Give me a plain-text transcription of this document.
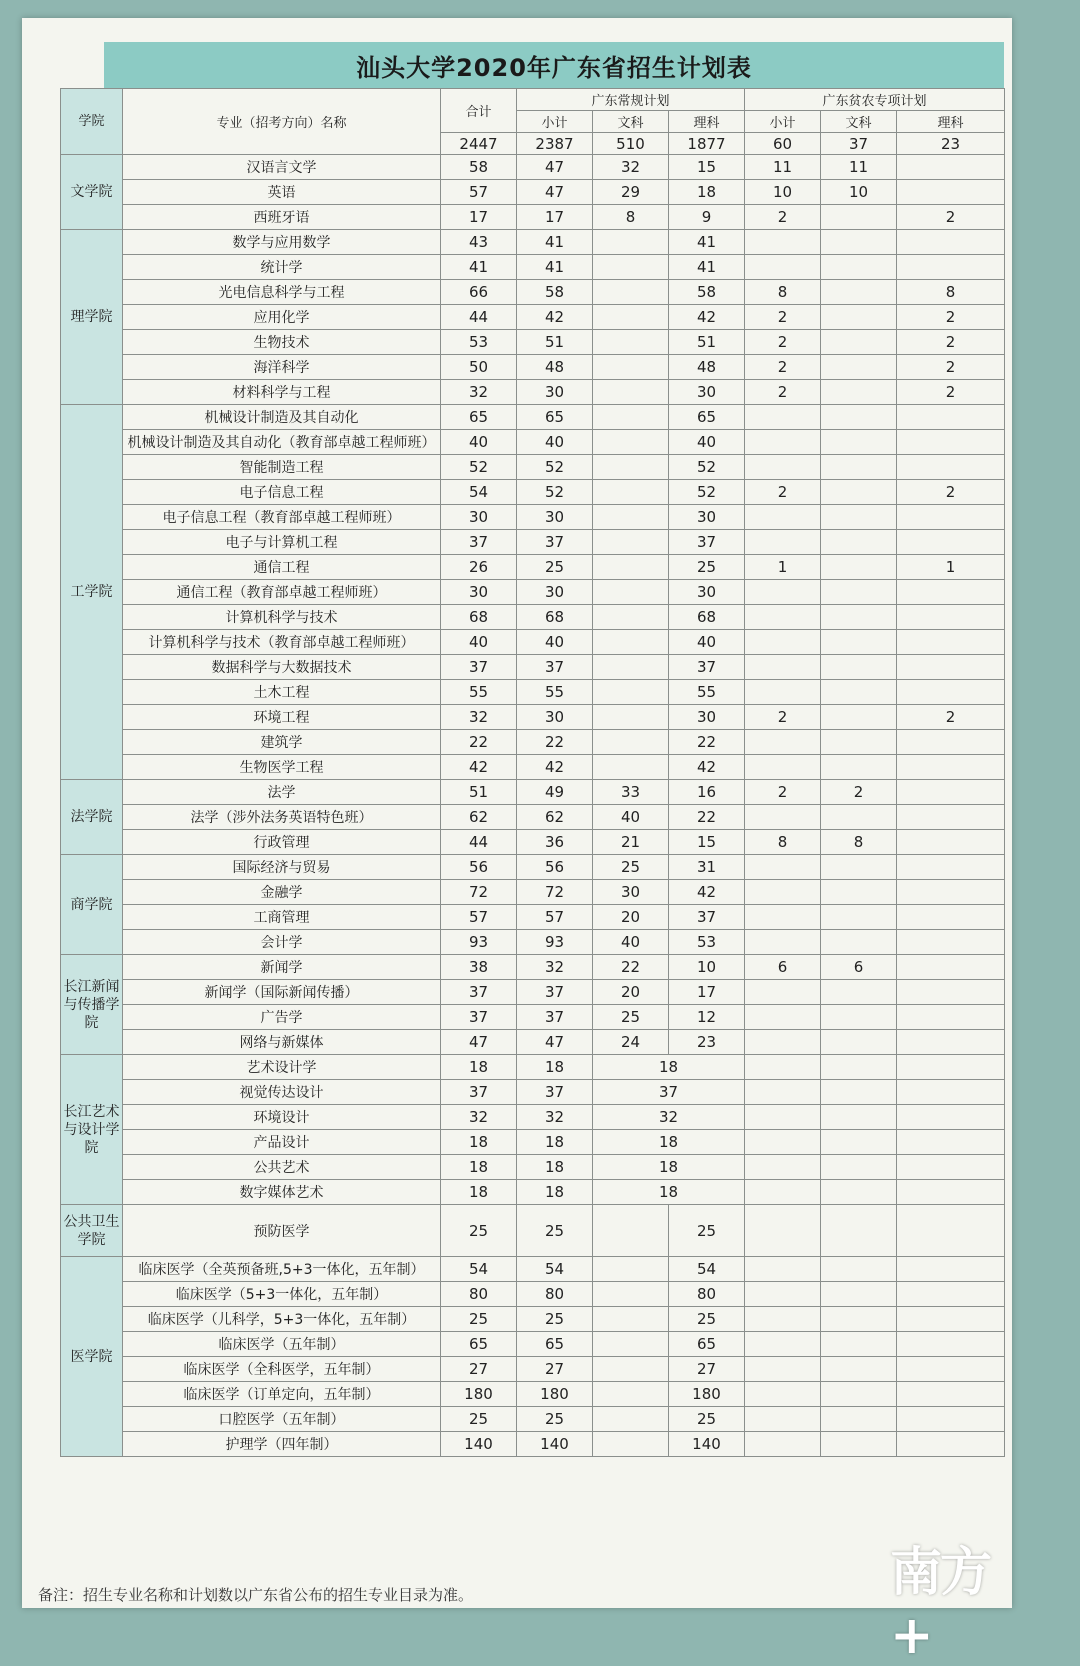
汕头大学2020年广东省招生计划表
学院	专业（招考方向）名称	合计	广东常规计划			广东贫农专项计划		
			小计	文科	理科	小计	文科	理科
		2447	2387	510	1877	60	37	23
文学院	汉语言文学	58	47	32	15	11	11	
	英语	57	47	29	18	10	10	
	西班牙语	17	17	8	9	2		2
理学院	数学与应用数学	43	41		41			
	统计学	41	41		41			
	光电信息科学与工程	66	58		58	8		8
	应用化学	44	42		42	2		2
	生物技术	53	51		51	2		2
	海洋科学	50	48		48	2		2
	材料科学与工程	32	30		30	2		2
工学院	机械设计制造及其自动化	65	65		65			
	机械设计制造及其自动化（教育部卓越工程师班）	40	40		40			
	智能制造工程	52	52		52			
	电子信息工程	54	52		52	2		2
	电子信息工程（教育部卓越工程师班）	30	30		30			
	电子与计算机工程	37	37		37			
	通信工程	26	25		25	1		1
	通信工程（教育部卓越工程师班）	30	30		30			
	计算机科学与技术	68	68		68			
	计算机科学与技术（教育部卓越工程师班）	40	40		40			
	数据科学与大数据技术	37	37		37			
	土木工程	55	55		55			
	环境工程	32	30		30	2		2
	建筑学	22	22		22			
	生物医学工程	42	42		42			
法学院	法学	51	49	33	16	2	2	
	法学（涉外法务英语特色班）	62	62	40	22			
	行政管理	44	36	21	15	8	8	
商学院	国际经济与贸易	56	56	25	31			
	金融学	72	72	30	42			
	工商管理	57	57	20	37			
	会计学	93	93	40	53			
长江新闻与传播学院	新闻学	38	32	22	10	6	6	
	新闻学（国际新闻传播）	37	37	20	17			
	广告学	37	37	25	12			
	网络与新媒体	47	47	24	23			
长江艺术与设计学院	艺术设计学	18	18	18				
	视觉传达设计	37	37	37				
	环境设计	32	32	32				
	产品设计	18	18	18				
	公共艺术	18	18	18				
	数字媒体艺术	18	18	18				
公共卫生学院	预防医学	25	25		25			
医学院	临床医学（全英预备班,5+3一体化，五年制）	54	54		54			
	临床医学（5+3一体化，五年制）	80	80		80			
	临床医学（儿科学，5+3一体化，五年制）	25	25		25			
	临床医学（五年制）	65	65		65			
	临床医学（全科医学，五年制）	27	27		27			
	临床医学（订单定向，五年制）	180	180		180			
	口腔医学（五年制）	25	25		25			
	护理学（四年制）	140	140		140			
备注：招生专业名称和计划数以广东省公布的招生专业目录为准。	南方+
